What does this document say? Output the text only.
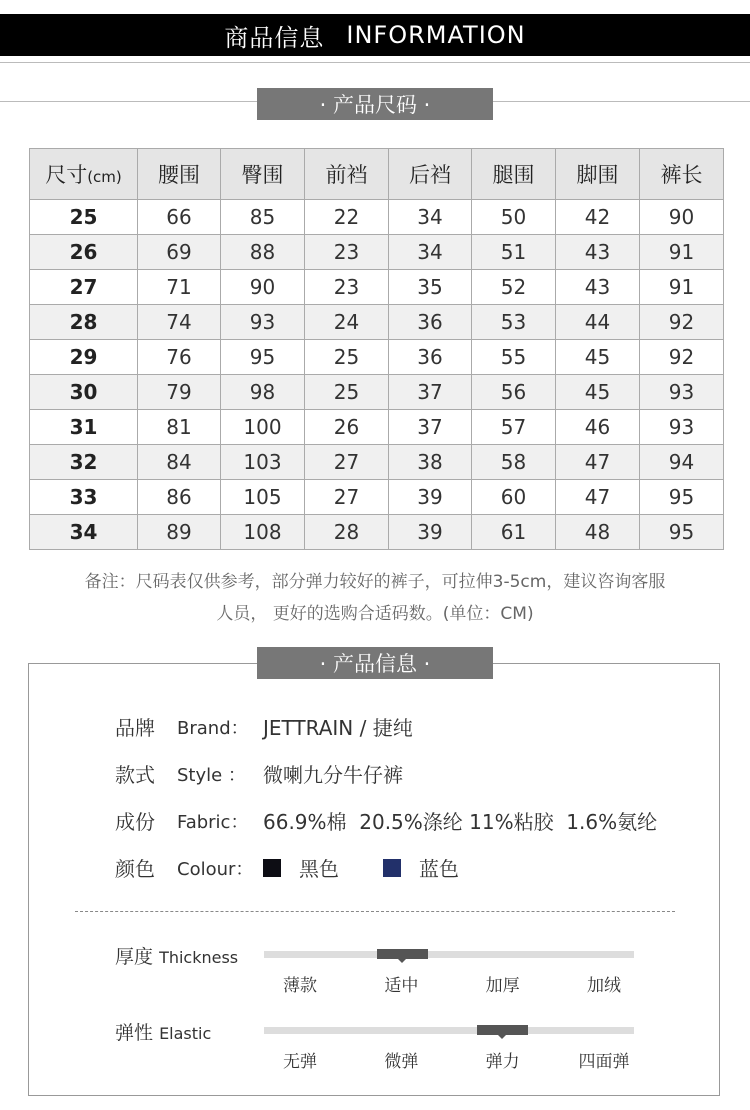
商品信息 INFORMATION
· 产品尺码 ·
尺寸(cm)	腰围	臀围	前裆	后裆	腿围	脚围	裤长
25	66	85	22	34	50	42	90
26	69	88	23	34	51	43	91
27	71	90	23	35	52	43	91
28	74	93	24	36	53	44	92
29	76	95	25	36	55	45	92
30	79	98	25	37	56	45	93
31	81	100	26	37	57	46	93
32	84	103	27	38	58	47	94
33	86	105	27	39	60	47	95
34	89	108	28	39	61	48	95
备注：尺码表仅供参考，部分弹力较好的裤子，可拉伸3-5cm，建议咨询客服
人员， 更好的选购合适码数。(单位：CM)
· 产品信息 ·
品牌	Brand： JETTRAIN / 捷纯
款式	Style ： 微喇九分牛仔裤
成份	Fabric： 66.9%棉  20.5%涤纶 11%粘胶  1.6%氨纶
颜色	Colour：	黑色	蓝色
厚度 Thickness
薄款	适中	加厚	加绒
弹性 Elastic
无弹	微弹	弹力	四面弹
